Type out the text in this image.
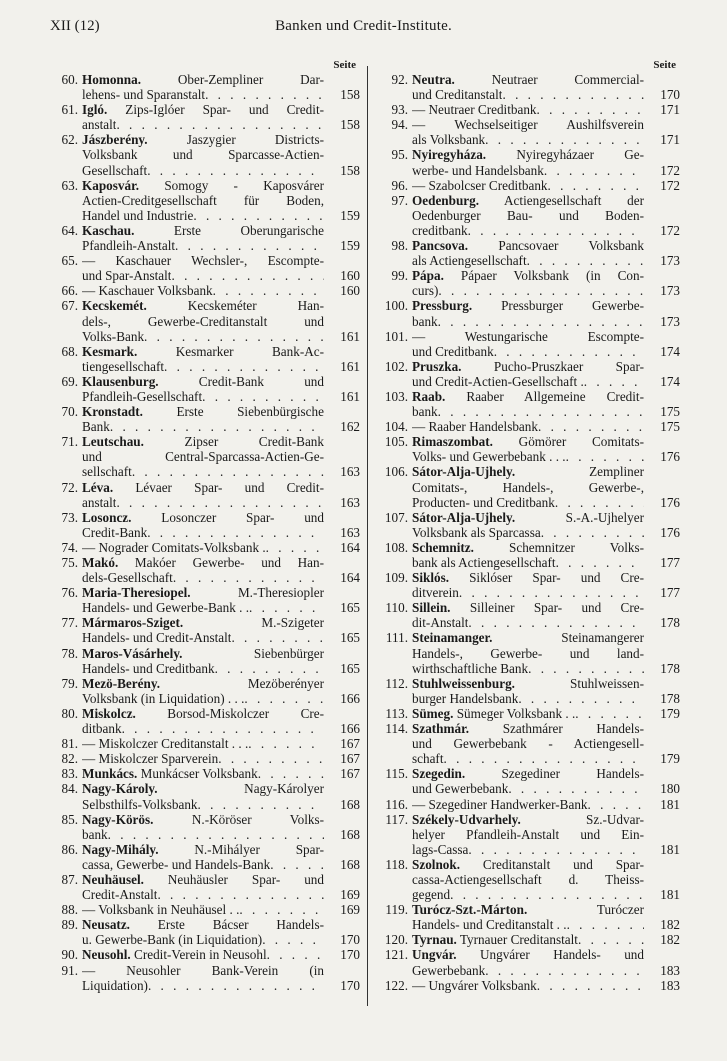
XII (12)	Banken und Credit-Institute.
Seite
60. Homonna. Ober-Zempliner Dar-
lehens- und Sparanstalt . . .	158
61. Igló. Zips-Iglóer Spar- und Credit-
anstalt . . .	158
62. Jászberény. Jaszygier Districts-
Volksbank und Sparcasse-Actien-
Gesellschaft . . .	158
63. Kaposvár. Somogy - Kaposvárer
Actien-Creditgesellschaft für Boden,
Handel und Industrie . . .	159
64. Kaschau. Erste Oberungarische
Pfandleih-Anstalt . . .	159
65. — Kaschauer Wechsler-, Escompte-
und Spar-Anstalt . . .	160
66. — Kaschauer Volksbank . . .	160
67. Kecskemét. Kecskeméter Han-
dels-, Gewerbe-Creditanstalt und
Volks-Bank . . .	161
68. Kesmark. Kesmarker Bank-Ac-
tiengesellschaft . . .	161
69. Klausenburg. Credit-Bank und
Pfandleih-Gesellschaft . . .	161
70. Kronstadt. Erste Siebenbürgische
Bank . . .	162
71. Leutschau. Zipser Credit-Bank
und Central-Sparcassa-Actien-Ge-
sellschaft . . .	163
72. Léva. Lévaer Spar- und Credit-
anstalt . . .	163
73. Losoncz. Losonczer Spar- und
Credit-Bank . . .	163
74. — Nograder Comitats-Volksbank . . . .	164
75. Makó. Makóer Gewerbe- und Han-
dels-Gesellschaft . . .	164
76. Maria-Theresiopel. M.-Theresiopler
Handels- und Gewerbe-Bank . . . . .	165
77. Mármaros-Sziget. M.-Szigeter
Handels- und Credit-Anstalt . . .	165
78. Maros-Vásárhely. Siebenbürger
Handels- und Creditbank . . .	165
79. Mezö-Berény. Mezöberényer
Volksbank (in Liquidation) . . . . . .	166
80. Miskolcz. Borsod-Miskolczer Cre-
ditbank . . .	166
81. — Miskolczer Creditanstalt . . . . . .	167
82. — Miskolczer Sparverein . . .	167
83. Munkács. Munkácser Volksbank . . .	167
84. Nagy-Károly. Nagy-Károlyer
Selbsthilfs-Volksbank . . .	168
85. Nagy-Körös. N.-Köröser Volks-
bank . . .	168
86. Nagy-Mihály. N.-Mihályer Spar-
cassa, Gewerbe- und Handels-Bank . . .	168
87. Neuhäusel. Neuhäusler Spar- und
Credit-Anstalt . . .	169
88. — Volksbank in Neuhäusel . . . . .	169
89. Neusatz. Erste Bácser Handels-
u. Gewerbe-Bank (in Liquidation) . . .	170
90. Neusohl. Credit-Verein in Neusohl . . .	170
91. — Neusohler Bank-Verein (in
Liquidation) . . .	170
Seite
92. Neutra. Neutraer Commercial-
und Creditanstalt . . .	170
93. — Neutraer Creditbank . . .	171
94. — Wechselseitiger Aushilfsverein
als Volksbank . . .	171
95. Nyiregyháza. Nyiregyházaer Ge-
werbe- und Handelsbank . . .	172
96. — Szabolcser Creditbank . . .	172
97. Oedenburg. Actiengesellschaft der
Oedenburger Bau- und Boden-
creditbank . . .	172
98. Pancsova. Pancsovaer Volksbank
als Actiengesellschaft . . .	173
99. Pápa. Pápaer Volksbank (in Con-
curs) . . .	173
100. Pressburg. Pressburger Gewerbe-
bank . . .	173
101. — Westungarische Escompte-
und Creditbank . . .	174
102. Pruszka. Pucho-Pruszkaer Spar-
und Credit-Actien-Gesellschaft . . . .	174
103. Raab. Raaber Allgemeine Credit-
bank . . .	175
104. — Raaber Handelsbank . . .	175
105. Rimaszombat. Gömörer Comitats-
Volks- und Gewerbebank . . . . . .	176
106. Sátor-Alja-Ujhely. Zempliner
Comitats-, Handels-, Gewerbe-,
Producten- und Creditbank . . .	176
107. Sátor-Alja-Ujhely. S.-A.-Ujhelyer
Volksbank als Sparcassa . . .	176
108. Schemnitz. Schemnitzer Volks-
bank als Actiengesellschaft . . .	177
109. Siklós. Siklóser Spar- und Cre-
ditverein . . .	177
110. Sillein. Silleiner Spar- und Cre-
dit-Anstalt . . .	178
111. Steinamanger. Steinamangerer
Handels-, Gewerbe- und land-
wirthschaftliche Bank . . .	178
112. Stuhlweissenburg. Stuhlweissen-
burger Handelsbank . . .	178
113. Sümeg. Sümeger Volksbank . . . . .	179
114. Szathmár. Szathmárer Handels-
und Gewerbebank - Actiengesell-
schaft . . .	179
115. Szegedin. Szegediner Handels-
und Gewerbebank . . .	180
116. — Szegediner Handwerker-Bank . . .	181
117. Székely-Udvarhely. Sz.-Udvar-
helyer Pfandleih-Anstalt und Ein-
lags-Cassa . . .	181
118. Szolnok. Creditanstalt und Spar-
cassa-Actiengesellschaft d. Theiss-
gegend . . .	181
119. Turócz-Szt.-Márton. Turóczer
Handels- und Creditanstalt . . . . .	182
120. Tyrnau. Tyrnauer Creditanstalt . . .	182
121. Ungvár. Ungvárer Handels- und
Gewerbebank . . .	183
122. — Ungvárer Volksbank . . .	183
